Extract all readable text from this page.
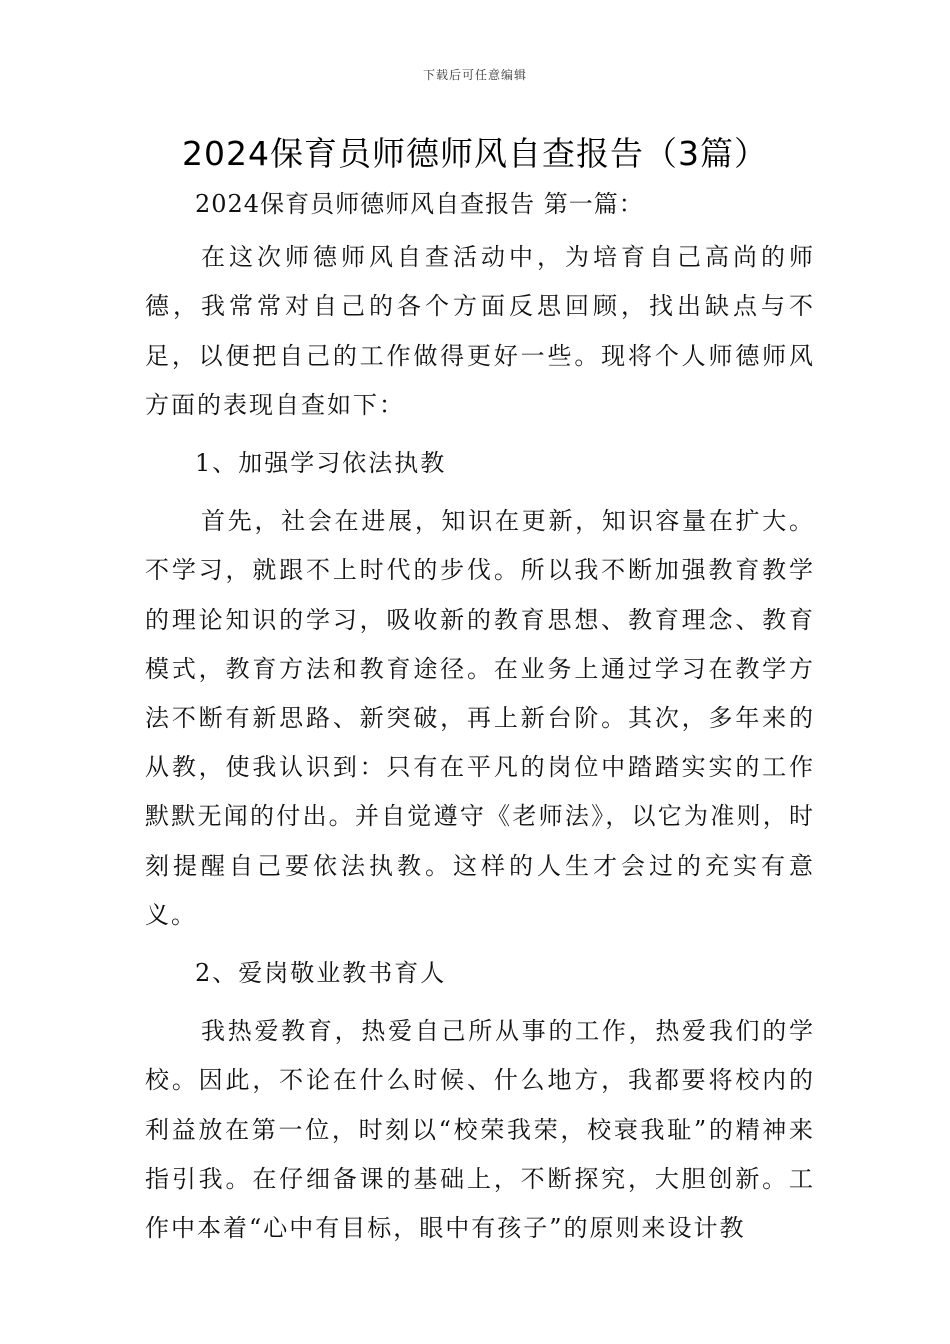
下载后可任意编辑
2024保育员师德师风自查报告（3篇）

2024保育员师德师风自查报告 第一篇：

在这次师德师风自查活动中，为培育自己高尚的师德，我常常对自己的各个方面反思回顾，找出缺点与不足，以便把自己的工作做得更好一些。现将个人师德师风方面的表现自查如下：

1、加强学习依法执教

首先，社会在进展，知识在更新，知识容量在扩大。不学习，就跟不上时代的步伐。所以我不断加强教育教学的理论知识的学习，吸收新的教育思想、教育理念、教育模式，教育方法和教育途径。在业务上通过学习在教学方法不断有新思路、新突破，再上新台阶。其次，多年来的从教，使我认识到：只有在平凡的岗位中踏踏实实的工作默默无闻的付出。并自觉遵守《老师法》，以它为准则，时刻提醒自己要依法执教。这样的人生才会过的充实有意义。

2、爱岗敬业教书育人

我热爱教育，热爱自己所从事的工作，热爱我们的学校。因此，不论在什么时候、什么地方，我都要将校内的利益放在第一位，时刻以“校荣我荣，校衰我耻”的精神来指引我。在仔细备课的基础上，不断探究，大胆创新。工作中本着“心中有目标，眼中有孩子”的原则来设计教
